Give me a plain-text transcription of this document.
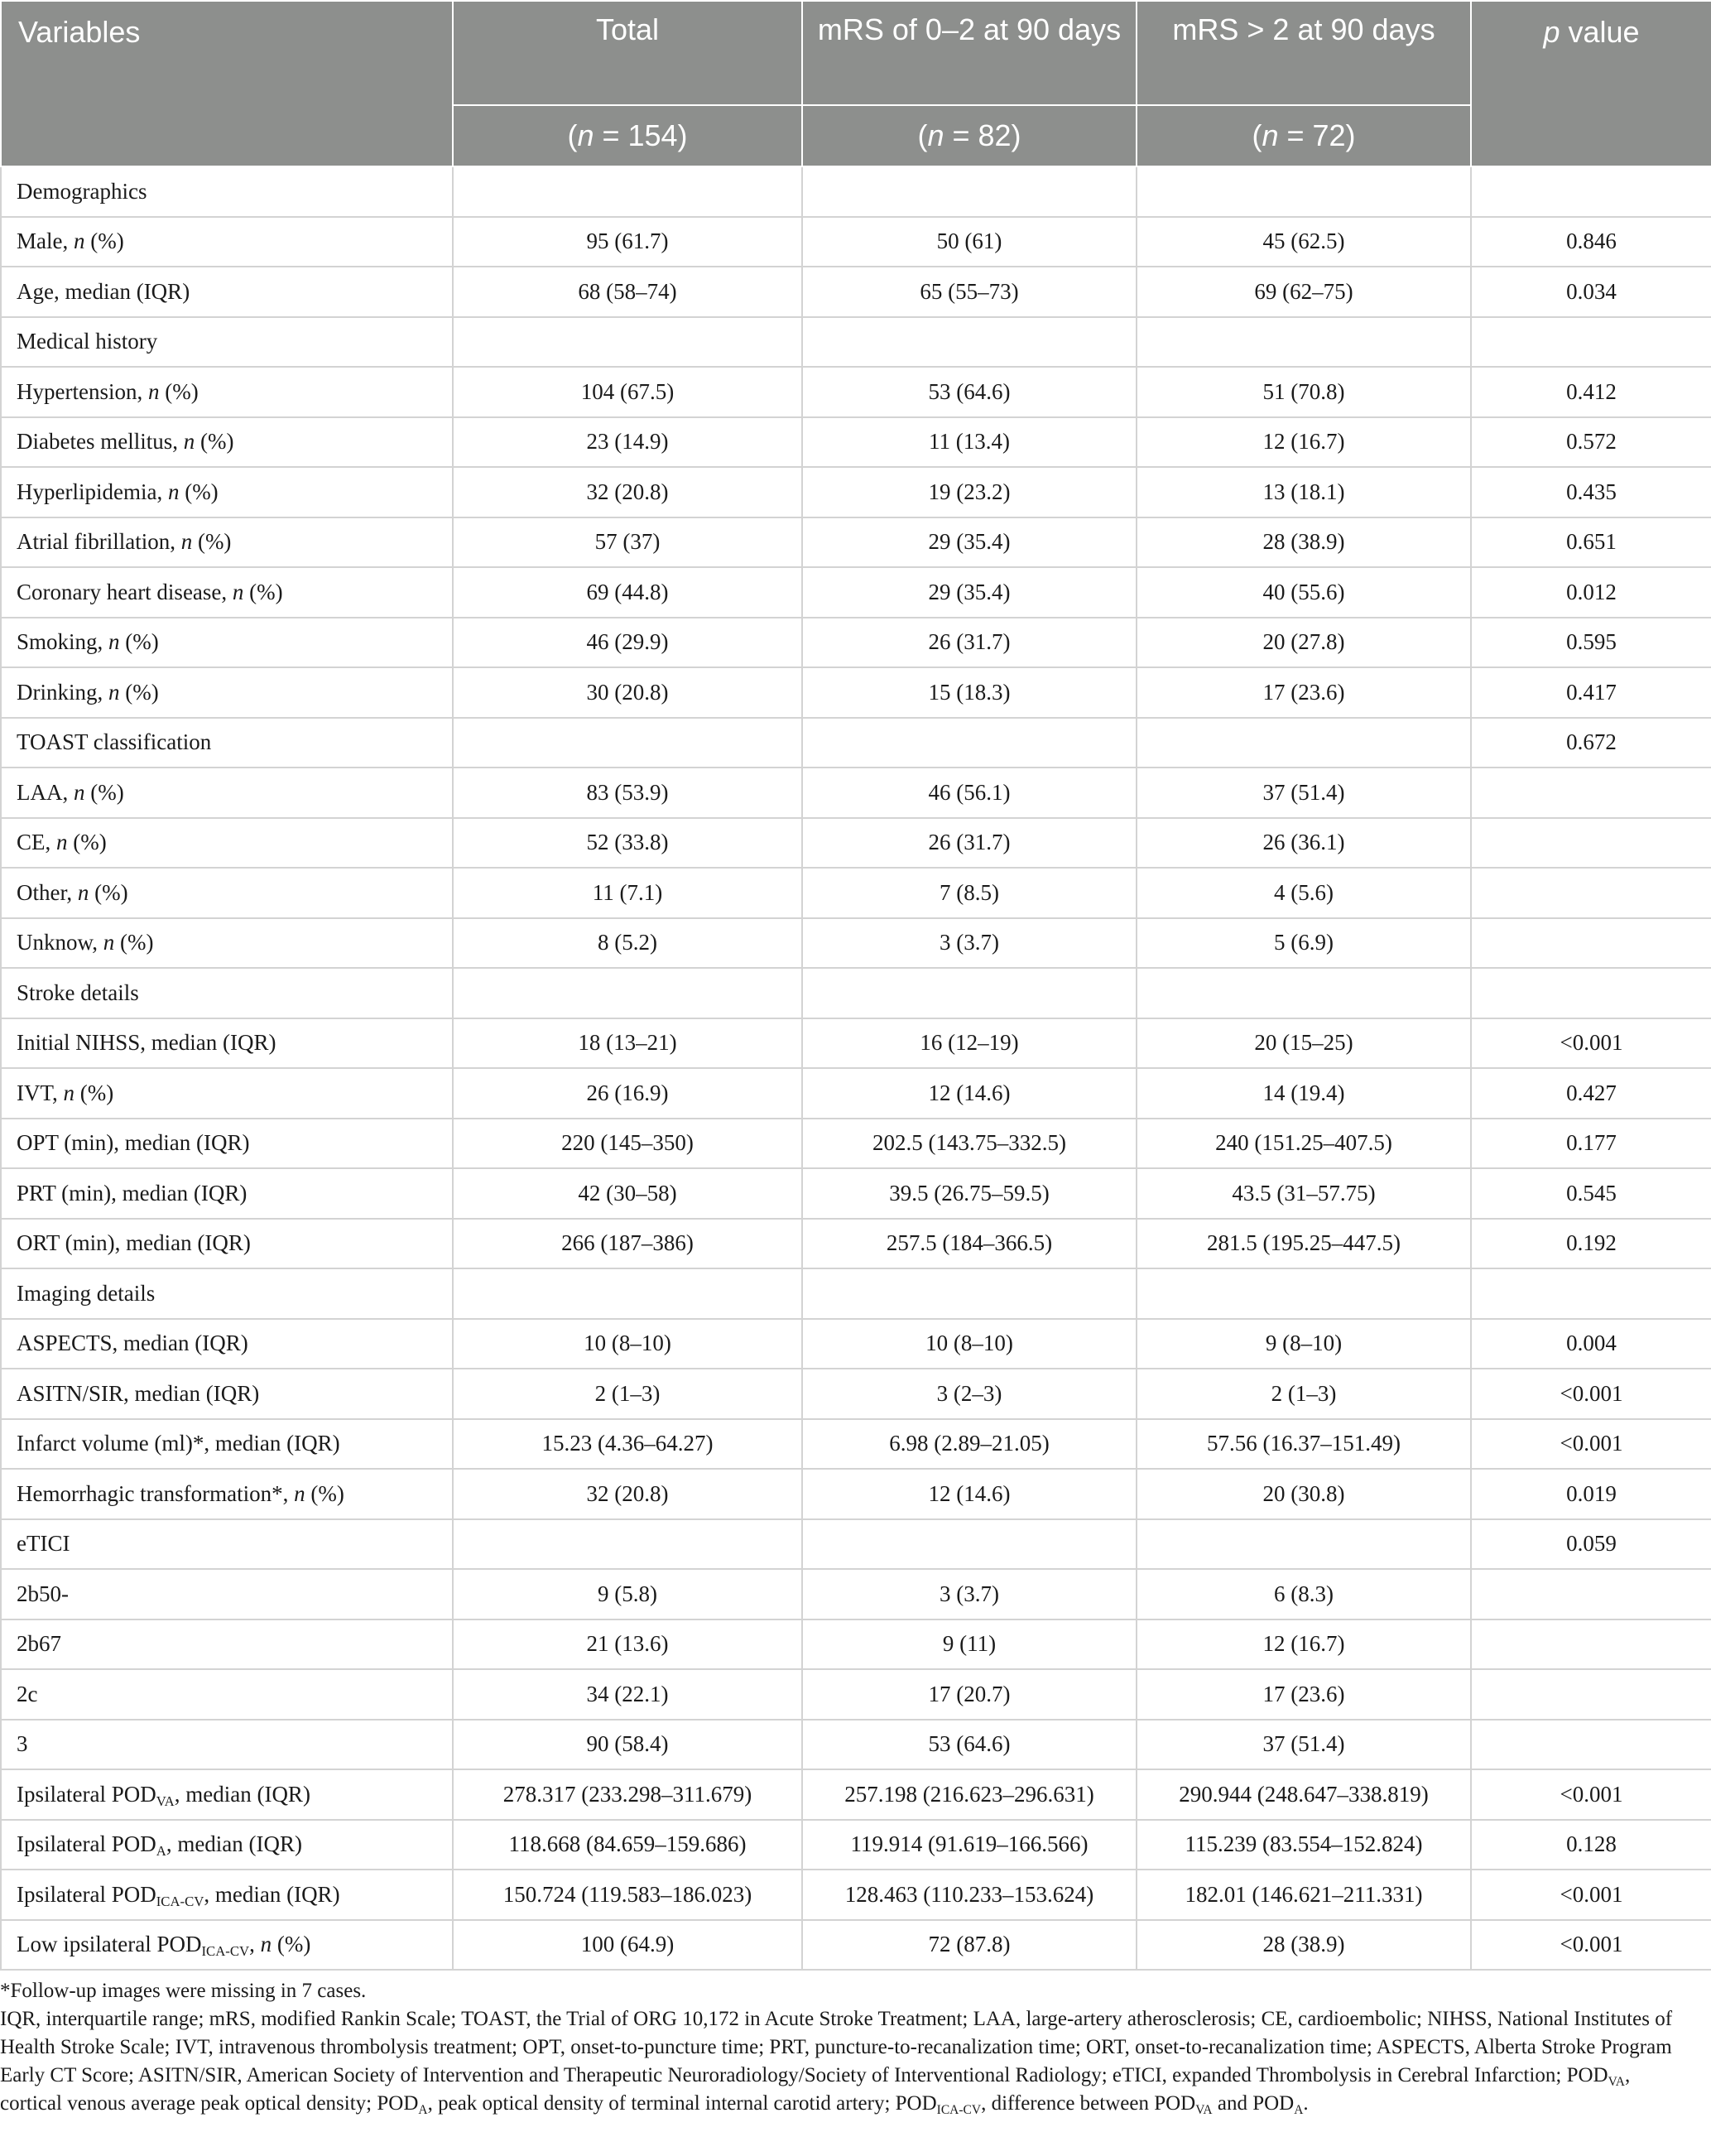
Variables	Total	mRS of 0–2 at 90 days	mRS > 2 at 90 days	p value
	(n = 154)	(n = 82)	(n = 72)	
Demographics				
Male, n (%)	95 (61.7)	50 (61)	45 (62.5)	0.846
Age, median (IQR)	68 (58–74)	65 (55–73)	69 (62–75)	0.034
Medical history				
Hypertension, n (%)	104 (67.5)	53 (64.6)	51 (70.8)	0.412
Diabetes mellitus, n (%)	23 (14.9)	11 (13.4)	12 (16.7)	0.572
Hyperlipidemia, n (%)	32 (20.8)	19 (23.2)	13 (18.1)	0.435
Atrial fibrillation, n (%)	57 (37)	29 (35.4)	28 (38.9)	0.651
Coronary heart disease, n (%)	69 (44.8)	29 (35.4)	40 (55.6)	0.012
Smoking, n (%)	46 (29.9)	26 (31.7)	20 (27.8)	0.595
Drinking, n (%)	30 (20.8)	15 (18.3)	17 (23.6)	0.417
TOAST classification				0.672
LAA, n (%)	83 (53.9)	46 (56.1)	37 (51.4)	
CE, n (%)	52 (33.8)	26 (31.7)	26 (36.1)	
Other, n (%)	11 (7.1)	7 (8.5)	4 (5.6)	
Unknow, n (%)	8 (5.2)	3 (3.7)	5 (6.9)	
Stroke details				
Initial NIHSS, median (IQR)	18 (13–21)	16 (12–19)	20 (15–25)	<0.001
IVT, n (%)	26 (16.9)	12 (14.6)	14 (19.4)	0.427
OPT (min), median (IQR)	220 (145–350)	202.5 (143.75–332.5)	240 (151.25–407.5)	0.177
PRT (min), median (IQR)	42 (30–58)	39.5 (26.75–59.5)	43.5 (31–57.75)	0.545
ORT (min), median (IQR)	266 (187–386)	257.5 (184–366.5)	281.5 (195.25–447.5)	0.192
Imaging details				
ASPECTS, median (IQR)	10 (8–10)	10 (8–10)	9 (8–10)	0.004
ASITN/SIR, median (IQR)	2 (1–3)	3 (2–3)	2 (1–3)	<0.001
Infarct volume (ml)*, median (IQR)	15.23 (4.36–64.27)	6.98 (2.89–21.05)	57.56 (16.37–151.49)	<0.001
Hemorrhagic transformation*, n (%)	32 (20.8)	12 (14.6)	20 (30.8)	0.019
eTICI				0.059
2b50-	9 (5.8)	3 (3.7)	6 (8.3)	
2b67	21 (13.6)	9 (11)	12 (16.7)	
2c	34 (22.1)	17 (20.7)	17 (23.6)	
3	90 (58.4)	53 (64.6)	37 (51.4)	
Ipsilateral $POD_{VA}$, median (IQR)	278.317 (233.298–311.679)	257.198 (216.623–296.631)	290.944 (248.647–338.819)	<0.001
Ipsilateral $POD_A$, median (IQR)	118.668 (84.659–159.686)	119.914 (91.619–166.566)	115.239 (83.554–152.824)	0.128
Ipsilateral $POD_{ICA-CV}$, median (IQR)	150.724 (119.583–186.023)	128.463 (110.233–153.624)	182.01 (146.621–211.331)	<0.001
Low ipsilateral $POD_{ICA-CV}$, n (%)	100 (64.9)	72 (87.8)	28 (38.9)	<0.001

*Follow-up images were missing in 7 cases.

IQR, interquartile range; mRS, modified Rankin Scale; TOAST, the Trial of ORG 10,172 in Acute Stroke Treatment; LAA, large-artery atherosclerosis; CE, cardioembolic; NIHSS, National Institutes of Health Stroke Scale; IVT, intravenous thrombolysis treatment; OPT, onset-to-puncture time; PRT, puncture-to-recanalization time; ORT, onset-to-recanalization time; ASPECTS, Alberta Stroke Program Early CT Score; ASITN/SIR, American Society of Intervention and Therapeutic Neuroradiology/Society of Interventional Radiology; eTICI, expanded Thrombolysis in Cerebral Infarction; $POD_{VA}$, cortical venous average peak optical density; $POD_A$, peak optical density of terminal internal carotid artery; $POD_{ICA-CV}$, difference between $POD_{VA}$ and $POD_A$.
